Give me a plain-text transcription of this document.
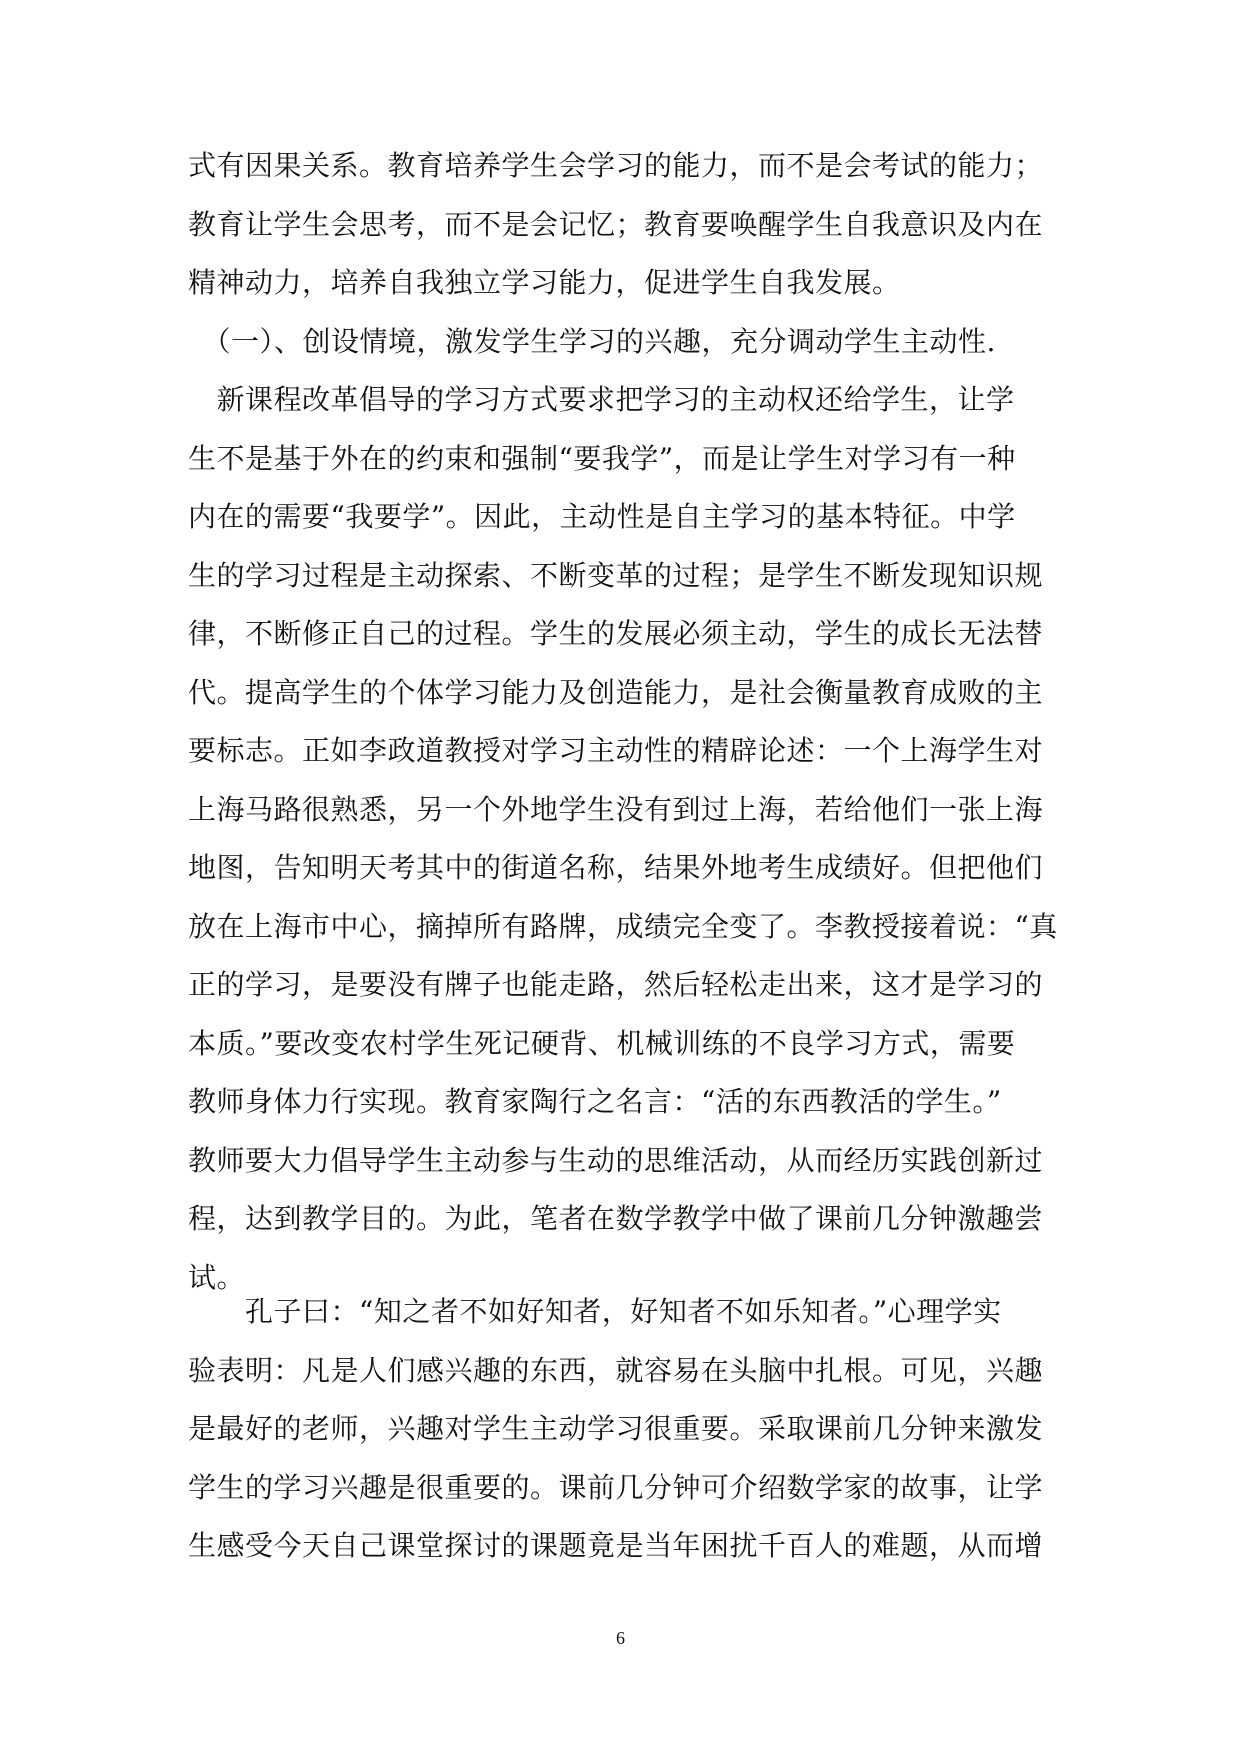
式有因果关系。教育培养学生会学习的能力，而不是会考试的能力；
教育让学生会思考，而不是会记忆；教育要唤醒学生自我意识及内在
精神动力，培养自我独立学习能力，促进学生自我发展。
　（一）、创设情境，激发学生学习的兴趣，充分调动学生主动性.
　新课程改革倡导的学习方式要求把学习的主动权还给学生，让学
生不是基于外在的约束和强制“要我学”，而是让学生对学习有一种
内在的需要“我要学”。因此，主动性是自主学习的基本特征。中学
生的学习过程是主动探索、不断变革的过程；是学生不断发现知识规
律，不断修正自己的过程。学生的发展必须主动，学生的成长无法替
代。提高学生的个体学习能力及创造能力，是社会衡量教育成败的主
要标志。正如李政道教授对学习主动性的精辟论述：一个上海学生对
上海马路很熟悉，另一个外地学生没有到过上海，若给他们一张上海
地图，告知明天考其中的街道名称，结果外地考生成绩好。但把他们
放在上海市中心，摘掉所有路牌，成绩完全变了。李教授接着说：“真
正的学习，是要没有牌子也能走路，然后轻松走出来，这才是学习的
本质。”要改变农村学生死记硬背、机械训练的不良学习方式，需要
教师身体力行实现。教育家陶行之名言：“活的东西教活的学生。”
教师要大力倡导学生主动参与生动的思维活动，从而经历实践创新过
程，达到教学目的。为此，笔者在数学教学中做了课前几分钟激趣尝
试。
　　孔子曰：“知之者不如好知者，好知者不如乐知者。”心理学实
验表明：凡是人们感兴趣的东西，就容易在头脑中扎根。可见，兴趣
是最好的老师，兴趣对学生主动学习很重要。采取课前几分钟来激发
学生的学习兴趣是很重要的。课前几分钟可介绍数学家的故事，让学
生感受今天自己课堂探讨的课题竟是当年困扰千百人的难题，从而增
6
